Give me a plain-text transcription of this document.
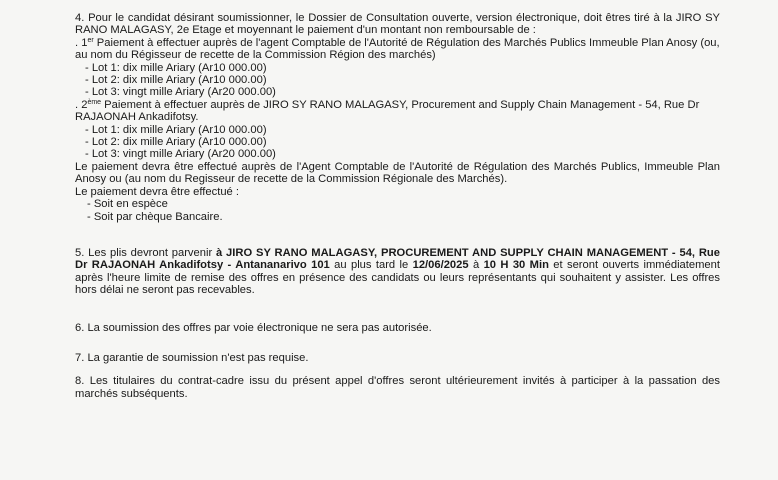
4. Pour le candidat désirant soumissionner, le Dossier de Consultation ouverte, version électronique, doit êtres tiré à la JIRO SY RANO MALAGASY, 2e Etage et moyennant le paiement d'un montant non remboursable de :

. 1er Paiement à effectuer auprès de l'agent Comptable de l'Autorité de Régulation des Marchés Publics Immeuble Plan Anosy (ou, au nom du Régisseur de recette de la Commission Région des marchés)

- Lot 1: dix mille Ariary (Ar10 000.00)

- Lot 2: dix mille Ariary (Ar10 000.00)

- Lot 3: vingt mille Ariary (Ar20 000.00)

. 2ème Paiement à effectuer auprès de JIRO SY RANO MALAGASY, Procurement and Supply Chain Management - 54, Rue Dr RAJAONAH Ankadifotsy.

- Lot 1: dix mille Ariary (Ar10 000.00)

- Lot 2: dix mille Ariary (Ar10 000.00)

- Lot 3: vingt mille Ariary (Ar20 000.00)

Le paiement devra être effectué auprès de l'Agent Comptable de l'Autorité de Régulation des Marchés Publics, Immeuble Plan Anosy ou (au nom du Regisseur de recette de la Commission Régionale des Marchés).

Le paiement devra être effectué :

- Soit en espèce

- Soit par chèque Bancaire.

5. Les plis devront parvenir à JIRO SY RANO MALAGASY, PROCUREMENT AND SUPPLY CHAIN MANAGEMENT - 54, Rue Dr RAJAONAH Ankadifotsy - Antananarivo 101 au plus tard le 12/06/2025 à 10 H 30 Min et seront ouverts immédiatement après l'heure limite de remise des offres en présence des candidats ou leurs représentants qui souhaitent y assister. Les offres hors délai ne seront pas recevables.

6. La soumission des offres par voie électronique ne sera pas autorisée.

7. La garantie de soumission n'est pas requise.

8. Les titulaires du contrat-cadre issu du présent appel d'offres seront ultérieurement invités à participer à la passation des marchés subséquents.
